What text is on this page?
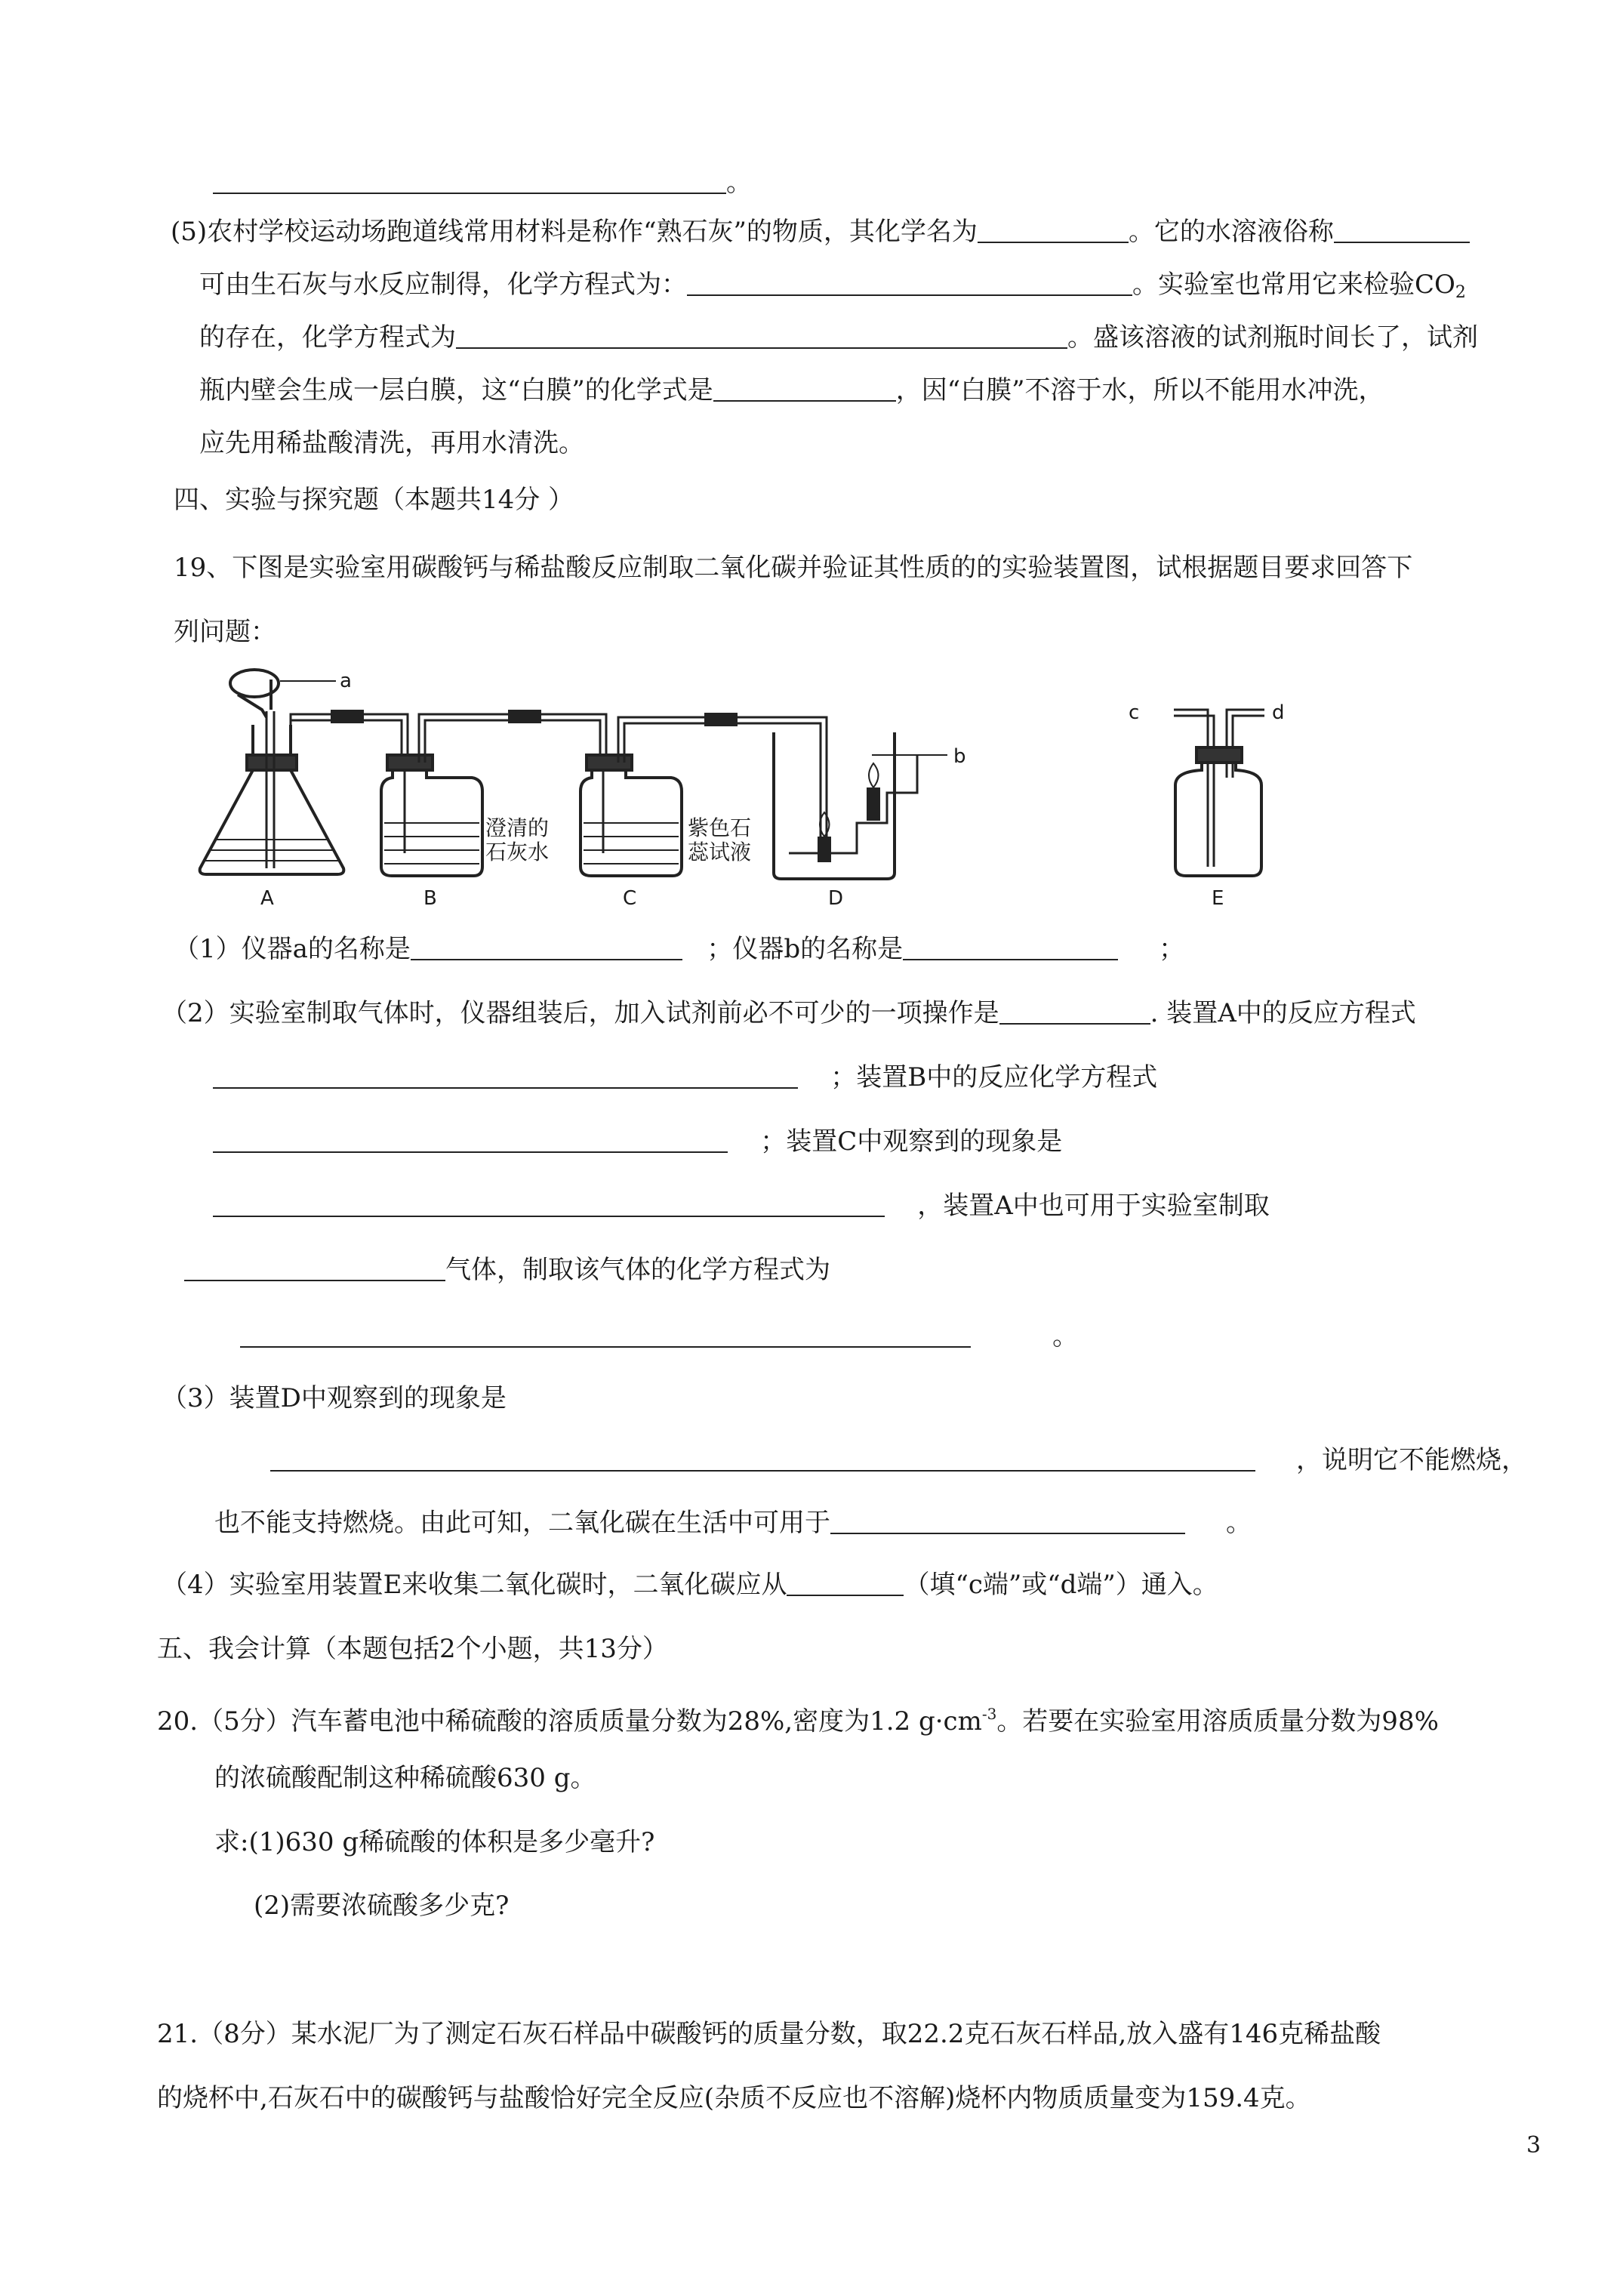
。
(5)农村学校运动场跑道线常用材料是称作“熟石灰”的物质，其化学名为	。它的水溶液俗称
可由生石灰与水反应制得，化学方程式为：	。实验室也常用它来检验$CO_2$
的存在，化学方程式为	。盛该溶液的试剂瓶时间长了，试剂
瓶内壁会生成一层白膜，这“白膜”的化学式是	，因“白膜”不溶于水，所以不能用水冲洗，
应先用稀盐酸清洗，再用水清洗。
四、实验与探究题（本题共14分 ）
19、下图是实验室用碳酸钙与稀盐酸反应制取二氧化碳并验证其性质的的实验装置图，试根据题目要求回答下
列问题：
a
b
c	d
A	B	C	D	E
澄清的
石灰水
紫色石
蕊试液
（1）仪器a的名称是	；仪器b的名称是	；
（2）实验室制取气体时，仪器组装后，加入试剂前必不可少的一项操作是	. 装置A中的反应方程式
；装置B中的反应化学方程式
；装置C中观察到的现象是
，装置A中也可用于实验室制取
气体，制取该气体的化学方程式为
。
（3）装置D中观察到的现象是
，说明它不能燃烧，
也不能支持燃烧。由此可知，二氧化碳在生活中可用于	。
（4）实验室用装置E来收集二氧化碳时，二氧化碳应从	（填“c端”或“d端”）通入。
五、我会计算（本题包括2个小题，共13分）
20.（5分）汽车蓄电池中稀硫酸的溶质质量分数为28%,密度为1.2 $g\cdot cm^{-3}$。若要在实验室用溶质质量分数为98%
的浓硫酸配制这种稀硫酸630 g。
求:(1)630 g稀硫酸的体积是多少毫升?
(2)需要浓硫酸多少克?
21.（8分）某水泥厂为了测定石灰石样品中碳酸钙的质量分数，取22.2克石灰石样品,放入盛有146克稀盐酸
的烧杯中,石灰石中的碳酸钙与盐酸恰好完全反应(杂质不反应也不溶解)烧杯内物质质量变为159.4克。
3
